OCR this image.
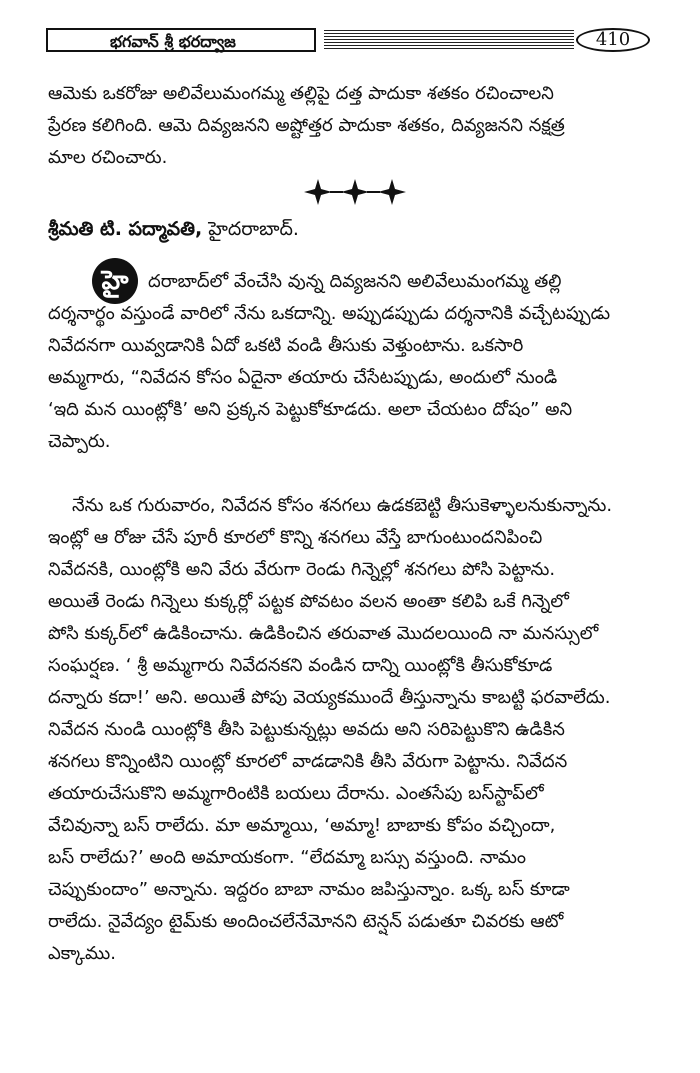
భగవాన్ శ్రీ భరద్వాజ	410
ఆమెకు ఒకరోజు అలివేలుమంగమ్మ తల్లిపై దత్త పాదుకా శతకం రచించాలని
ప్రేరణ కలిగింది. ఆమె దివ్యజనని అష్టోత్తర పాదుకా శతకం, దివ్యజనని నక్షత్ర
మాల రచించారు.
శ్రీమతి టి. పద్మావతి, హైదరాబాద్.
హై	దరాబాద్‌లో వేంచేసి వున్న దివ్యజనని అలివేలుమంగమ్మ తల్లి
దర్శనార్థం వస్తుండే వారిలో నేను ఒకదాన్ని. అప్పుడప్పుడు దర్శనానికి వచ్చేటప్పుడు
నివేదనగా యివ్వడానికి ఏదో ఒకటి వండి తీసుకు వెళ్తుంటాను. ఒకసారి
అమ్మగారు, “నివేదన కోసం ఏదైనా తయారు చేసేటప్పుడు, అందులో నుండి
‘ఇది మన యింట్లోకి’ అని ప్రక్కన పెట్టుకోకూడదు. అలా చేయటం దోషం” అని
చెప్పారు.
నేను ఒక గురువారం, నివేదన కోసం శనగలు ఉడకబెట్టి తీసుకెళ్ళాలనుకున్నాను.
ఇంట్లో ఆ రోజు చేసే పూరీ కూరలో కొన్ని శనగలు వేస్తే బాగుంటుందనిపించి
నివేదనకి, యింట్లోకి అని వేరు వేరుగా రెండు గిన్నెల్లో శనగలు పోసి పెట్టాను.
అయితే రెండు గిన్నెలు కుక్కర్లో పట్టక పోవటం వలన అంతా కలిపి ఒకే గిన్నెలో
పోసి కుక్కర్‌లో ఉడికించాను. ఉడికించిన తరువాత మొదలయింది నా మనస్సులో
సంఘర్షణ. ‘ శ్రీ అమ్మగారు నివేదనకని వండిన దాన్ని యింట్లోకి తీసుకోకూడ
దన్నారు కదా!’ అని. అయితే పోపు వెయ్యకముందే తీస్తున్నాను కాబట్టి ఫరవాలేదు.
నివేదన నుండి యింట్లోకి తీసి పెట్టుకున్నట్లు అవదు అని సరిపెట్టుకొని ఉడికిన
శనగలు కొన్నింటిని యింట్లో కూరలో వాడడానికి తీసి వేరుగా పెట్టాను. నివేదన
తయారుచేసుకొని అమ్మగారింటికి బయలు దేరాను. ఎంతసేపు బస్‌స్టాప్‌లో
వేచివున్నా బస్ రాలేదు. మా అమ్మాయి, ‘అమ్మా! బాబాకు కోపం వచ్చిందా,
బస్ రాలేదు?’ అంది అమాయకంగా. “లేదమ్మా బస్సు వస్తుంది. నామం
చెప్పుకుందాం” అన్నాను. ఇద్దరం బాబా నామం జపిస్తున్నాం. ఒక్క బస్ కూడా
రాలేదు. నైవేద్యం టైమ్‌కు అందించలేనేమోనని టెన్షన్ పడుతూ చివరకు ఆటో
ఎక్కాము.
